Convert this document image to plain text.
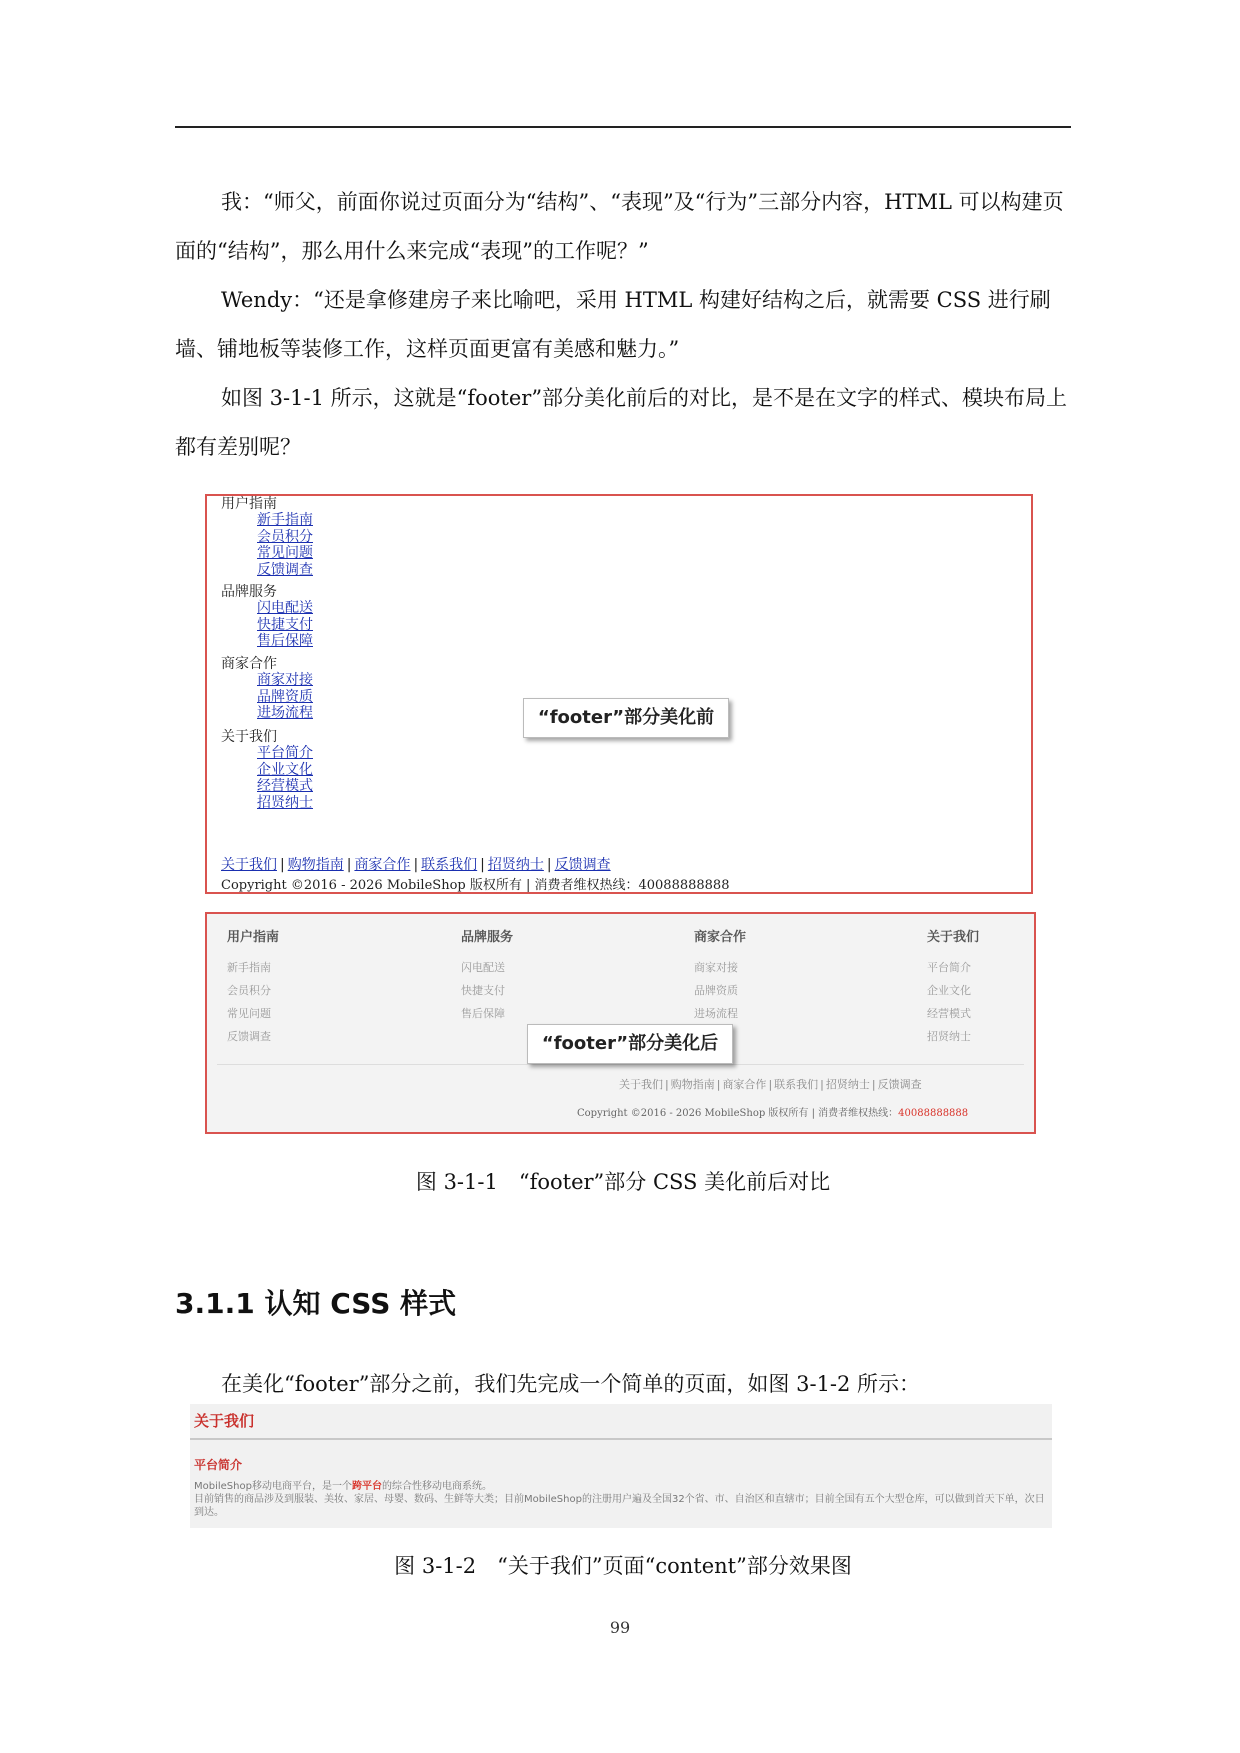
我：“师父，前面你说过页面分为“结构”、“表现”及“行为”三部分内容，HTML 可以构建页面的“结构”，那么用什么来完成“表现”的工作呢？”

Wendy：“还是拿修建房子来比喻吧，采用 HTML 构建好结构之后，就需要 CSS 进行刷墙、铺地板等装修工作，这样页面更富有美感和魅力。”

如图 3-1-1 所示，这就是“footer”部分美化前后的对比，是不是在文字的样式、模块布局上都有差别呢？

用户指南
新手指南
会员积分
常见问题
反馈调查
品牌服务
闪电配送
快捷支付
售后保障
商家合作
商家对接
品牌资质
进场流程
关于我们
平台简介
企业文化
经营模式
招贤纳士
关于我们 | 购物指南 | 商家合作 | 联系我们 | 招贤纳士 | 反馈调查
Copyright ©2016 - 2026 MobileShop 版权所有 | 消费者维权热线：40088888888
“footer”部分美化前
用户指南
新手指南
会员积分
常见问题
反馈调查
品牌服务
闪电配送
快捷支付
售后保障
商家合作
商家对接
品牌资质
进场流程
关于我们
平台简介
企业文化
经营模式
招贤纳士
关于我们 | 购物指南 | 商家合作 | 联系我们 | 招贤纳士 | 反馈调查
Copyright ©2016 - 2026 MobileShop 版权所有 | 消费者维权热线：40088888888
“footer”部分美化后
图 3-1-1　“footer”部分 CSS 美化前后对比
3.1.1 认知 CSS 样式

在美化“footer”部分之前，我们先完成一个简单的页面，如图 3-1-2 所示：

关于我们
平台简介
MobileShop移动电商平台，是一个跨平台的综合性移动电商系统。
目前销售的商品涉及到服装、美妆、家居、母婴、数码、生鲜等大类；目前MobileShop的注册用户遍及全国32个省、市、自治区和直辖市；目前全国有五个大型仓库，可以做到首天下单，次日到达。
图 3-1-2　“关于我们”页面“content”部分效果图
99
